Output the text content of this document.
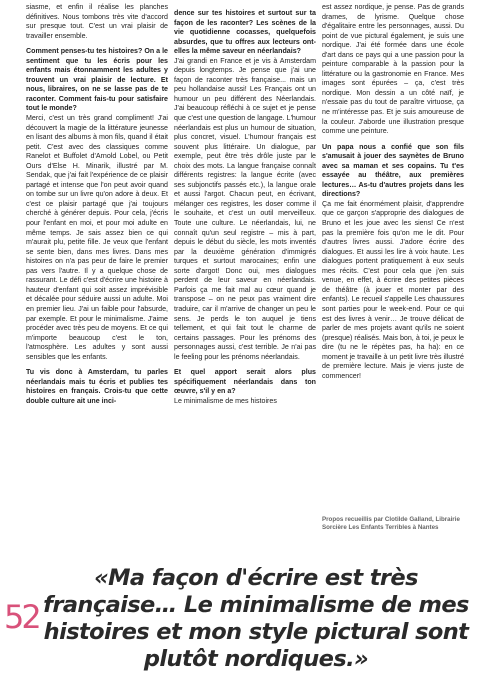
siasme, et enfin il réalise les planches définitives. Nous tombons très vite d'accord sur presque tout. C'est un vrai plaisir de travailler ensemble.

Comment penses-tu tes histoires? On a le sentiment que tu les écris pour les enfants mais étonnamment les adultes y trouvent un vrai plaisir de lecture. Et nous, libraires, on ne se lasse pas de te raconter. Comment fais-tu pour satisfaire tout le monde?

Merci, c'est un très grand compliment! J'ai découvert la magie de la littérature jeunesse en lisant des albums à mon fils, quand il était petit. C'est avec des classiques comme Ranelot et Buffolet d'Arnold Lobel, ou Petit Ours d'Else H. Minarik, illustré par M. Sendak, que j'ai fait l'expérience de ce plaisir partagé et intense que l'on peut avoir quand on tombe sur un livre qu'on adore à deux. Et c'est ce plaisir partagé que j'ai toujours cherché à générer depuis. Pour cela, j'écris pour l'enfant en moi, et pour moi adulte en même temps. Je sais assez bien ce qui m'aurait plu, petite fille. Je veux que l'enfant se sente bien, dans mes livres. Dans mes histoires on n'a pas peur de faire le premier pas vers l'autre. Il y a quelque chose de rassurant. Le défi c'est d'écrire une histoire à hauteur d'enfant qui soit assez imprévisible et décalée pour séduire aussi un adulte. Moi en premier lieu. J'ai un faible pour l'absurde, par exemple. Et pour le minimalisme. J'aime procéder avec très peu de moyens. Et ce qui m'importe beaucoup c'est le ton, l'atmosphère. Les adultes y sont aussi sensibles que les enfants.

Tu vis donc à Amsterdam, tu parles néerlandais mais tu écris et publies tes histoires en français. Crois-tu que cette double culture ait une inci-

dence sur tes histoires et surtout sur ta façon de les raconter? Les scènes de la vie quotidienne cocasses, quelquefois absurdes, que tu offres aux lecteurs ont-elles la même saveur en néerlandais?

J'ai grandi en France et je vis à Amsterdam depuis longtemps. Je pense que j'ai une façon de raconter très française... mais un peu hollandaise aussi! Les Français ont un humour un peu différent des Néerlandais. J'ai beaucoup réfléchi à ce sujet et je pense que c'est une question de langage. L'humour néerlandais est plus un humour de situation, plus concret, visuel. L'humour français est souvent plus littéraire. Un dialogue, par exemple, peut être très drôle juste par le choix des mots. La langue française connaît différents registres: la langue écrite (avec ses subjonctifs passés etc.), la langue orale et aussi l'argot. Chacun peut, en écrivant, mélanger ces registres, les doser comme il le souhaite, et c'est un outil merveilleux. Toute une culture. Le néerlandais, lui, ne connaît qu'un seul registre – mis à part, depuis le début du siècle, les mots inventés par la deuxième génération d'immigrés turques et surtout marocaines; enfin une sorte d'argot! Donc oui, mes dialogues perdent de leur saveur en néerlandais. Parfois ça me fait mal au cœur quand je transpose – on ne peux pas vraiment dire traduire, car il m'arrive de changer un peu le sens. Je perds le ton auquel je tiens tellement, et qui fait tout le charme de certains passages. Pour les prénoms des personnages aussi, c'est terrible. Je n'ai pas le feeling pour les prénoms néerlandais.

Et quel apport serait alors plus spécifiquement néerlandais dans ton œuvre, s'il y en a?

Le minimalisme de mes histoires

est assez nordique, je pense. Pas de grands drames, de lyrisme. Quelque chose d'égalitaire entre les personnages, aussi. Du point de vue pictural également, je suis une nordique. J'ai été formée dans une école d'art dans ce pays qui a une passion pour la peinture comparable à la passion pour la littérature ou la gastronomie en France. Mes images sont épurées – ça, c'est très nordique. Mon dessin a un côté naïf, je n'essaie pas du tout de paraître virtuose, ça ne m'intéresse pas. Et je suis amoureuse de la couleur. J'aborde une illustration presque comme une peinture.

Un papa nous a confié que son fils s'amusait à jouer des saynètes de Bruno avec sa maman et ses copains. Tu t'es essayée au théâtre, aux premières lectures… As-tu d'autres projets dans les directions?

Ça me fait énormément plaisir, d'apprendre que ce garçon s'approprie des dialogues de Bruno et les joue avec les siens! Ce n'est pas la première fois qu'on me le dit. Pour d'autres livres aussi. J'adore écrire des dialogues. Et aussi les lire à voix haute. Les dialogues portent pratiquement à eux seuls mes récits. C'est pour cela que j'en suis venue, en effet, à écrire des petites pièces de théâtre (à jouer et monter par des enfants). Le recueil s'appelle Les chaussures sont parties pour le week-end. Pour ce qui est des livres à venir… Je trouve délicat de parler de mes projets avant qu'ils ne soient (presque) réalisés. Mais bon, à toi, je peux le dire (tu ne le répètes pas, ha ha): en ce moment je travaille à un petit livre très illustré de première lecture. Mais je viens juste de commencer!

Propos recueillis par Clotilde Galland, Librairie Sorcière Les Enfants Terribles à Nantes
«Ma façon d'écrire est très française… Le minimalisme de mes histoires et mon style pictural sont plutôt nordiques.»
52
